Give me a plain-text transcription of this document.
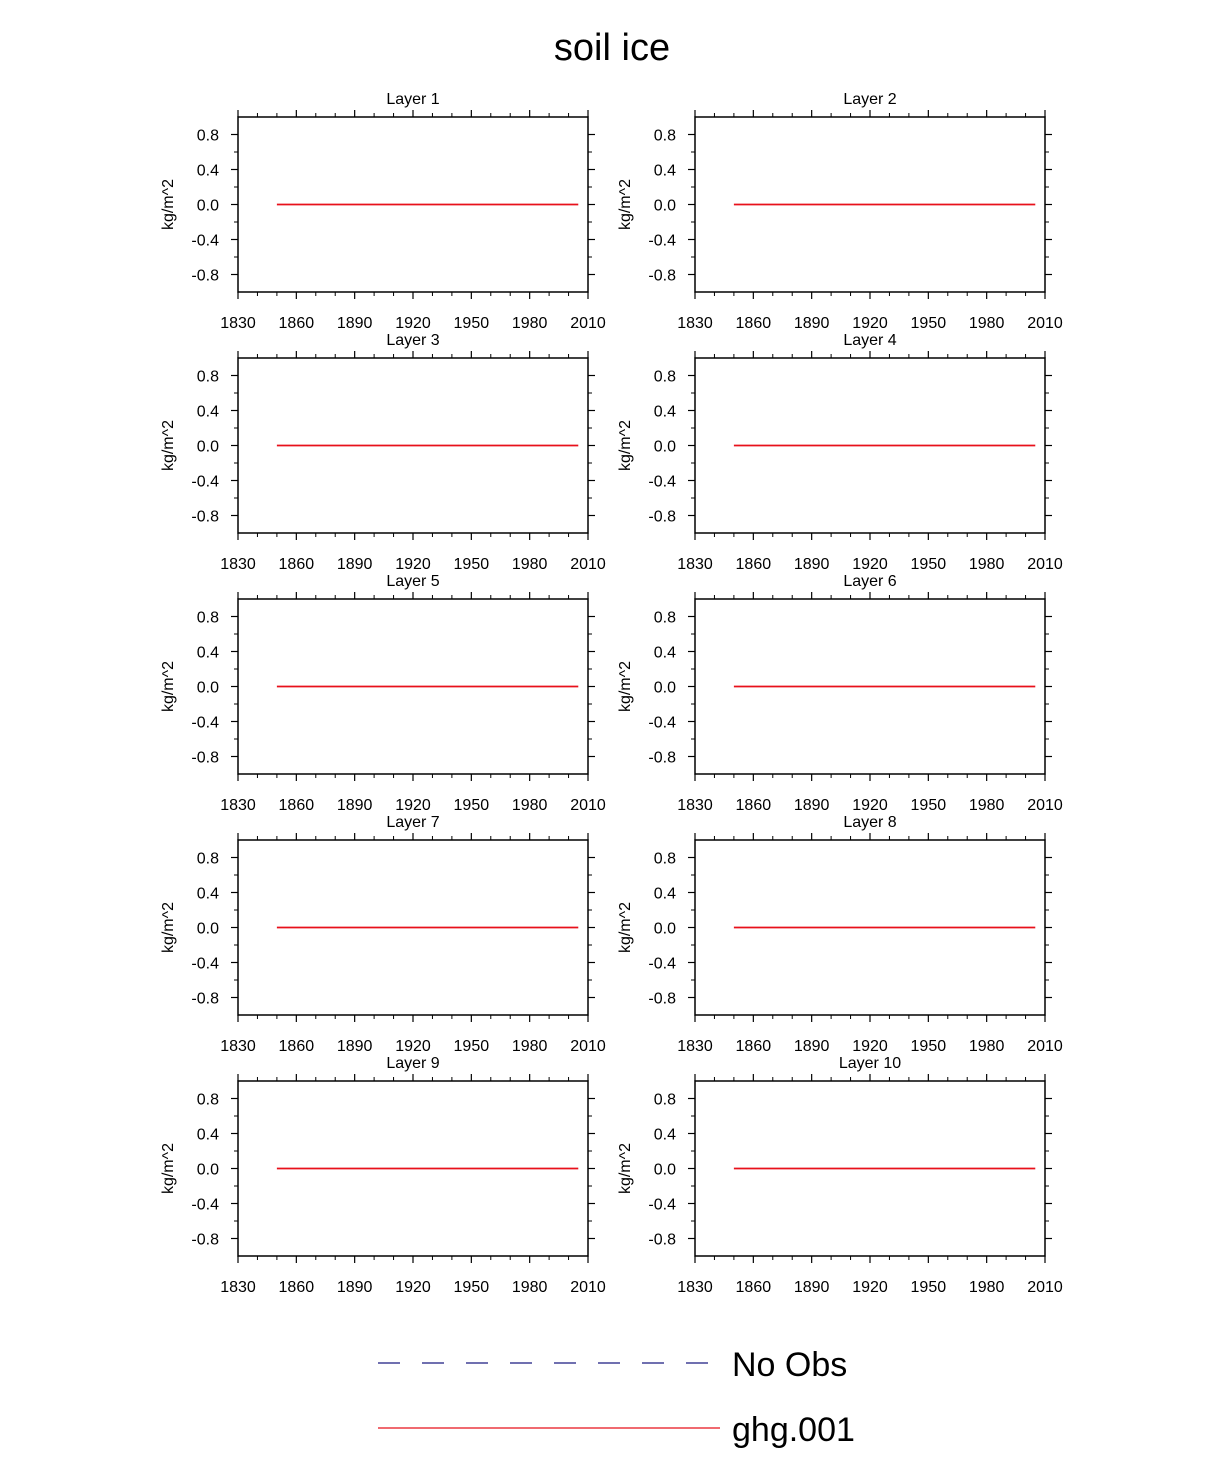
soil ice
Layer 1
1830 1860 1890 1920 1950 1980 2010
0.8
0.4
0.0
-0.4
-0.8
kg/m^2
Layer 2
1830 1860 1890 1920 1950 1980 2010
0.8
0.4
0.0
-0.4
-0.8
kg/m^2
Layer 3
1830 1860 1890 1920 1950 1980 2010
0.8
0.4
0.0
-0.4
-0.8
kg/m^2
Layer 4
1830 1860 1890 1920 1950 1980 2010
0.8
0.4
0.0
-0.4
-0.8
kg/m^2
Layer 5
1830 1860 1890 1920 1950 1980 2010
0.8
0.4
0.0
-0.4
-0.8
kg/m^2
Layer 6
1830 1860 1890 1920 1950 1980 2010
0.8
0.4
0.0
-0.4
-0.8
kg/m^2
Layer 7
1830 1860 1890 1920 1950 1980 2010
0.8
0.4
0.0
-0.4
-0.8
kg/m^2
Layer 8
1830 1860 1890 1920 1950 1980 2010
0.8
0.4
0.0
-0.4
-0.8
kg/m^2
Layer 9
1830 1860 1890 1920 1950 1980 2010
0.8
0.4
0.0
-0.4
-0.8
kg/m^2
Layer 10
1830 1860 1890 1920 1950 1980 2010
0.8
0.4
0.0
-0.4
-0.8
kg/m^2
No Obs
ghg.001
